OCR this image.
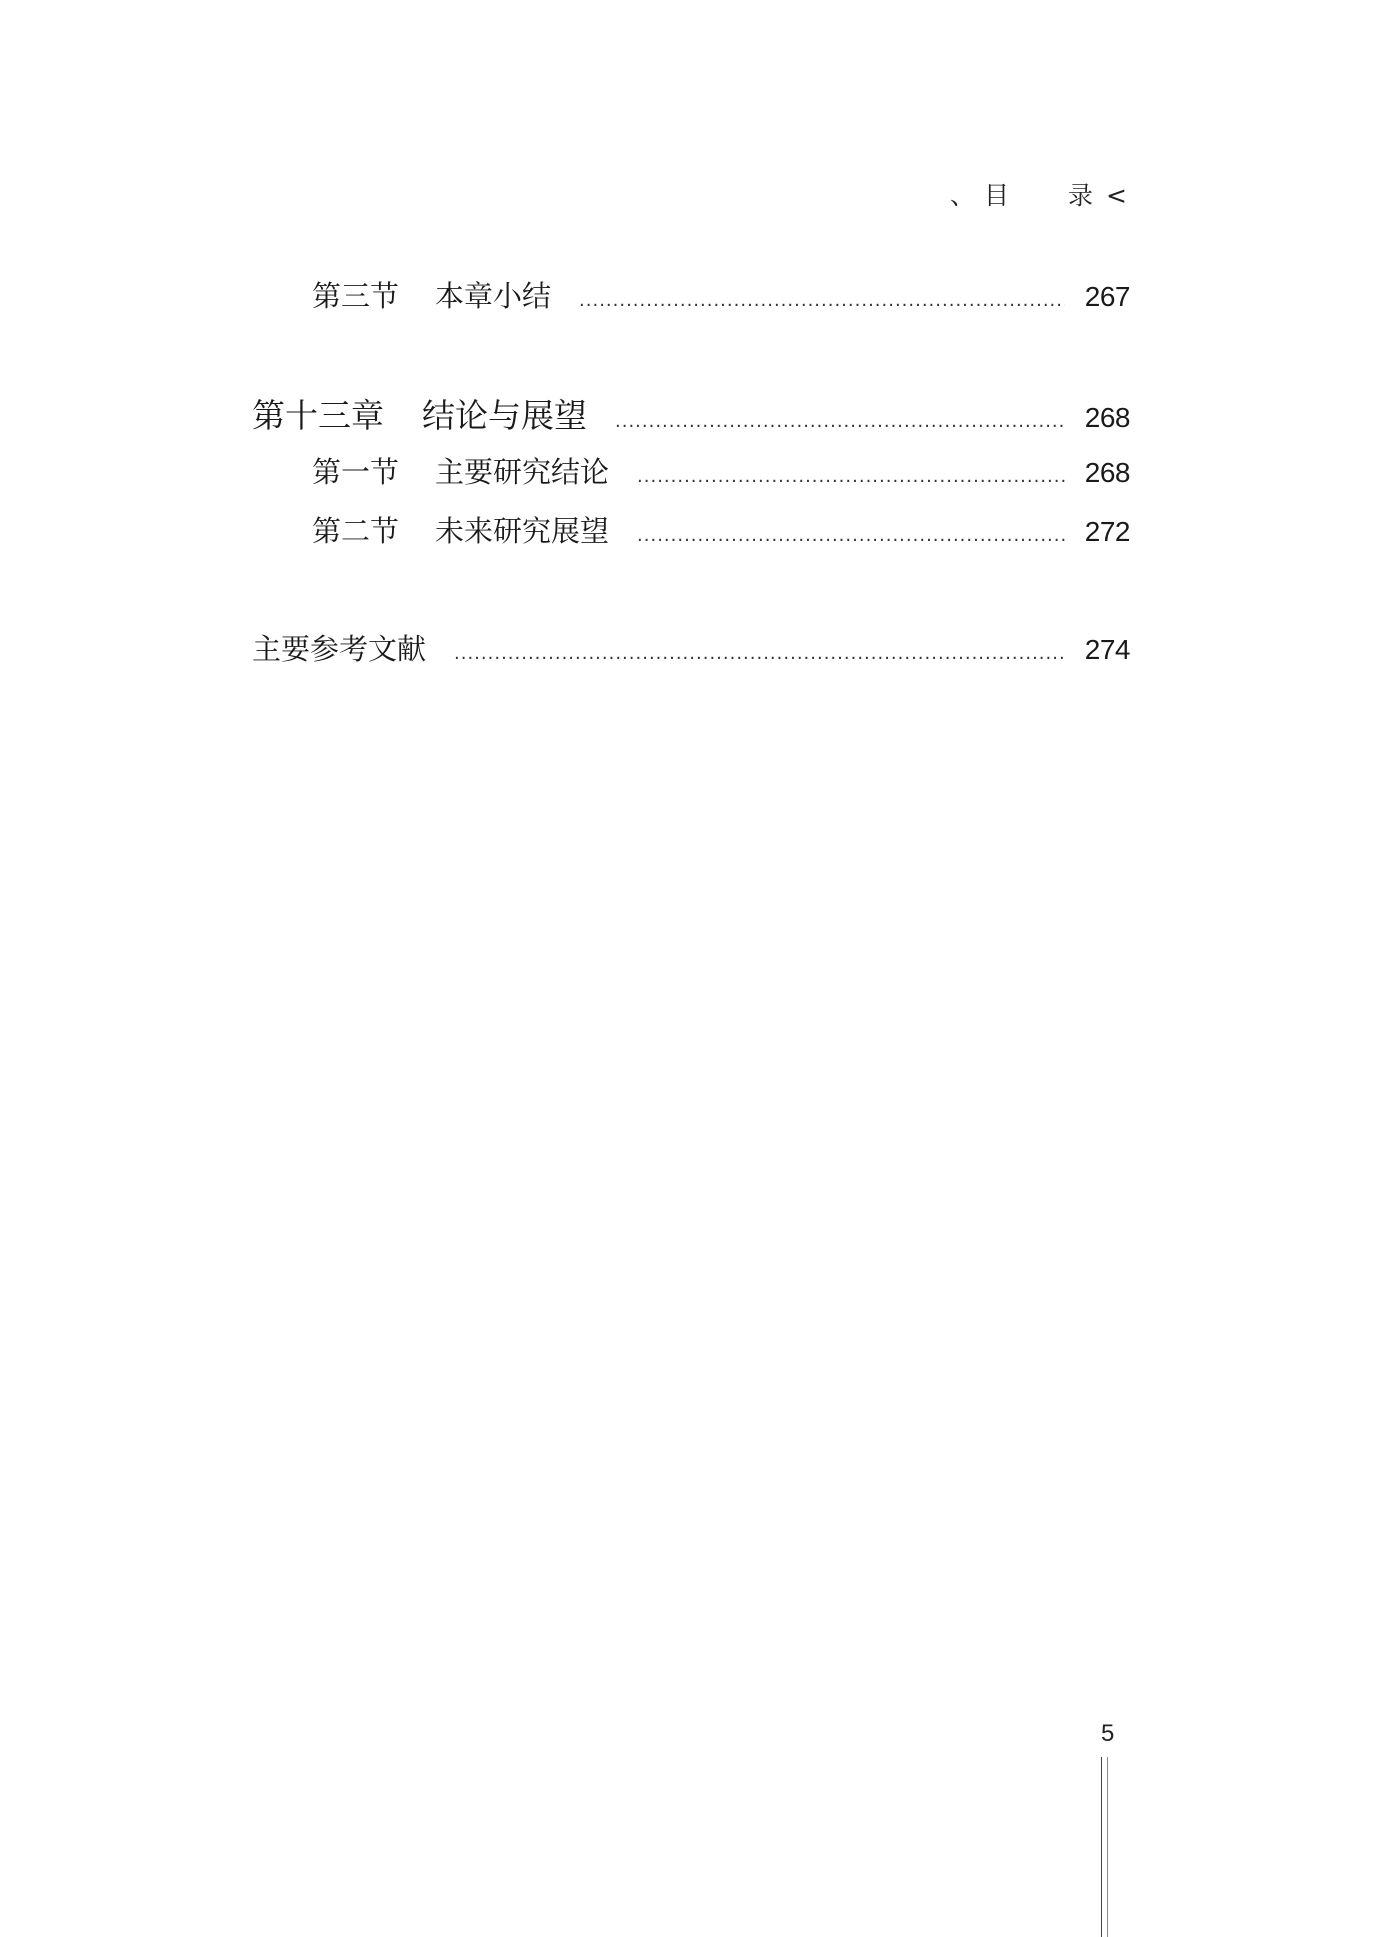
、 目 录 <
第三节 本章小结 .....	267
第十三章 结论与展望 .....	268
第一节 主要研究结论 .....	268
第二节 未来研究展望 .....	272
主要参考文献 .....	274
5
